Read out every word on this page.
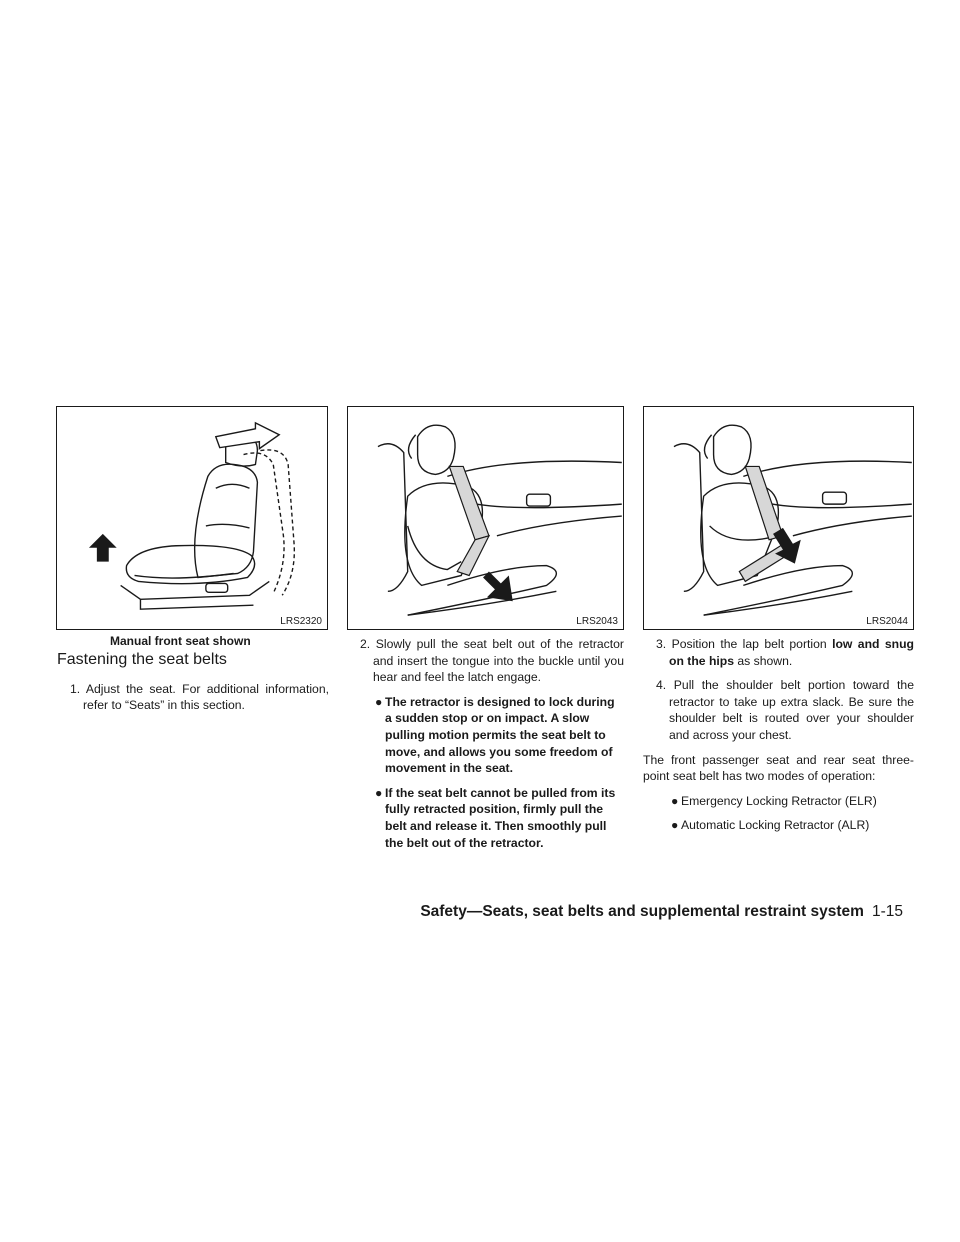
LRS2320
Manual front seat shown
LRS2043	LRS2044
Fastening the seat belts

1. Adjust the seat. For additional information, refer to “Seats” in this section.

2. Slowly pull the seat belt out of the retractor and insert the tongue into the buckle until you hear and feel the latch engage.

● The retractor is designed to lock during a sudden stop or on impact. A slow pulling motion permits the seat belt to move, and allows you some freedom of movement in the seat.
● If the seat belt cannot be pulled from its fully retracted position, firmly pull the belt and release it. Then smoothly pull the belt out of the retractor.

3. Position the lap belt portion low and snug on the hips as shown.

4. Pull the shoulder belt portion toward the retractor to take up extra slack. Be sure the shoulder belt is routed over your shoulder and across your chest.

The front passenger seat and rear seat three-point seat belt has two modes of operation:

● Emergency Locking Retractor (ELR)
● Automatic Locking Retractor (ALR)
Safety—Seats, seat belts and supplemental restraint system 1-15
